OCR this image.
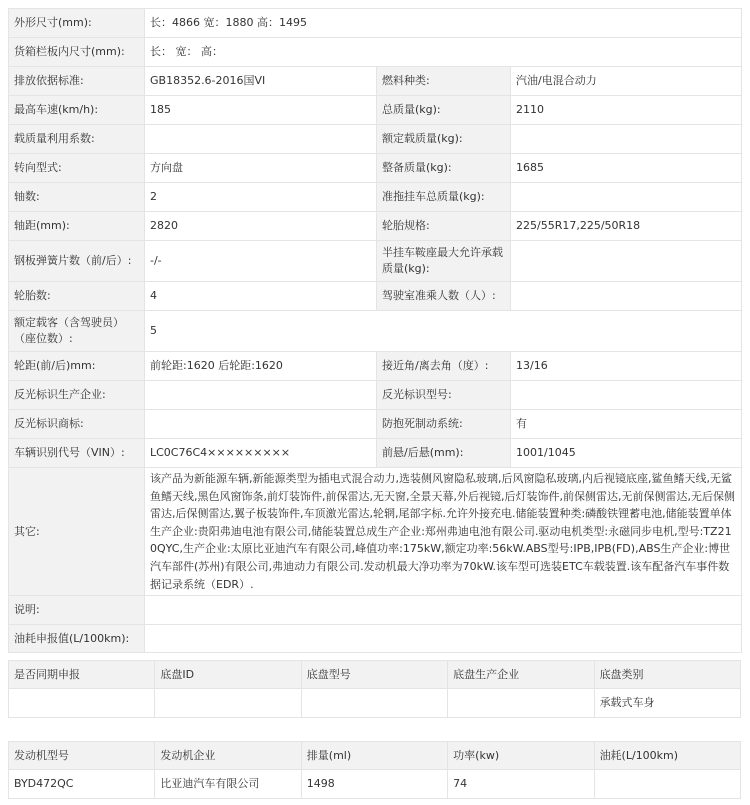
外形尺寸(mm):	长：4866 宽：1880 高：1495		
货箱栏板内尺寸(mm):	长： 宽： 高：		
排放依据标准:	GB18352.6-2016国VI	燃料种类:	汽油/电混合动力
最高车速(km/h):	185	总质量(kg):	2110
载质量利用系数:		额定载质量(kg):	
转向型式:	方向盘	整备质量(kg):	1685
轴数:	2	准拖挂车总质量(kg):	
轴距(mm):	2820	轮胎规格:	225/55R17,225/50R18
钢板弹簧片数（前/后）:	-/-	半挂车鞍座最大允许承载质量(kg):	
轮胎数:	4	驾驶室准乘人数（人）:	
额定载客（含驾驶员）（座位数）:	5		
轮距(前/后)mm:	前轮距:1620 后轮距:1620	接近角/离去角（度）:	13/16
反光标识生产企业:		反光标识型号:	
反光标识商标:		防抱死制动系统:	有
车辆识别代号（VIN）:	LC0C76C4×××××××××	前悬/后悬(mm):	1001/1045
其它:	该产品为新能源车辆,新能源类型为插电式混合动力,选装侧风窗隐私玻璃,后风窗隐私玻璃,内后视镜底座,鲨鱼鳍天线,无鲨鱼鳍天线,黑色风窗饰条,前灯装饰件,前保雷达,无天窗,全景天幕,外后视镜,后灯装饰件,前保侧雷达,无前保侧雷达,无后保侧雷达,后保侧雷达,翼子板装饰件,车顶激光雷达,轮辋,尾部字标.允许外接充电.储能装置种类:磷酸铁锂蓄电池,储能装置单体生产企业:贵阳弗迪电池有限公司,储能装置总成生产企业:郑州弗迪电池有限公司.驱动电机类型:永磁同步电机,型号:TZ210QYC,生产企业:太原比亚迪汽车有限公司,峰值功率:175kW,额定功率:56kW.ABS型号:IPB,IPB(FD),ABS生产企业:博世汽车部件(苏州)有限公司,弗迪动力有限公司.发动机最大净功率为70kW.该车型可选装ETC车载装置.该车配备汽车事件数据记录系统（EDR）.		
说明:			
油耗申报值(L/100km):			
是否同期申报	底盘ID	底盘型号	底盘生产企业	底盘类别
				承载式车身
发动机型号	发动机企业	排量(ml)	功率(kw)	油耗(L/100km)
BYD472QC	比亚迪汽车有限公司	1498	74	
